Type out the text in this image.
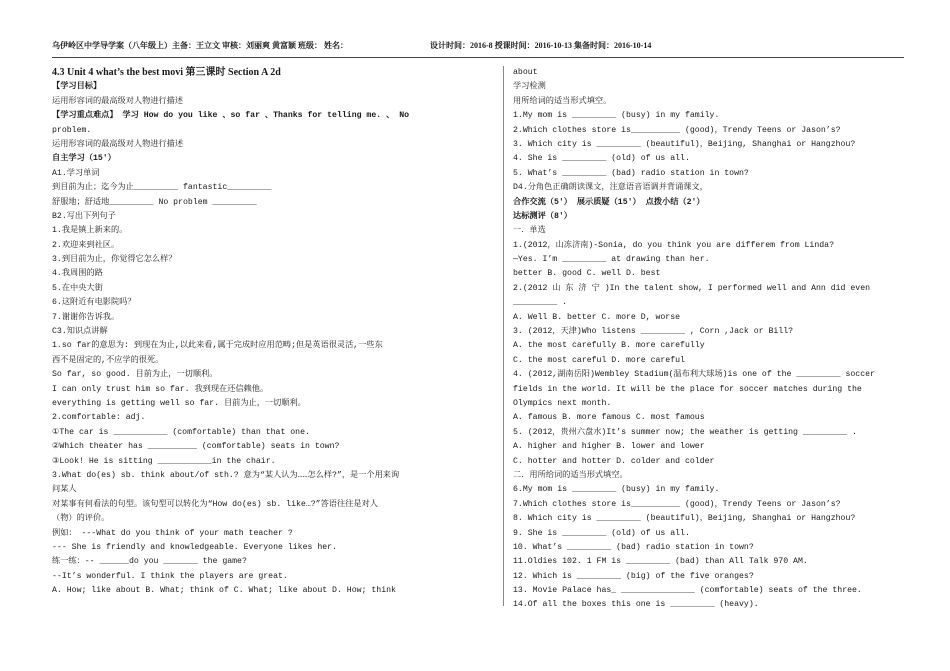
乌伊岭区中学导学案（八年级上）主备：王立文 审核：刘丽爽 黄富颖 班级： 姓名：	设计时间：2016-8 授课时间：2016-10-13 集备时间：2016-10-14
4.3 Unit 4 what’s the best movi 第三课时 Section A 2d
【学习目标】
运用形容词的最高级对人物进行描述
【学习重点难点】 学习 How do you like 、so far 、Thanks for telling me. 、 No
problem.
运用形容词的最高级对人物进行描述
自主学习（15′）
A1.学习单词
到目前为止；迄今为止_________ fantastic_________
舒服地；舒适地_________ No problem _________
B2.写出下列句子
1.我是镇上新来的。
2.欢迎来到社区。
3.到目前为止，你觉得它怎么样？
4.我周围的路
5.在中央大街
6.这附近有电影院吗？
7.谢谢你告诉我。
C3.知识点讲解
1.so far的意思为: 到现在为止,以此来看,属于完成时应用范畴;但是英语很灵活,一些东
西不是固定的,不应学的很死。
So far, so good. 目前为止，一切顺利。
I can only trust him so far. 我到现在还信赖他。
everything is getting well so far. 目前为止，一切顺利。
2.comfortable: adj.
①The car is ___________ (comfortable) than that one.
②Which theater has __________ (comfortable) seats in town?
③Look! He is sitting ___________in the chair.
3.What do(es) sb. think about/of sth.? 意为“某人认为……怎么样?”，是一个用来询
问某人
对某事有何看法的句型。该句型可以转化为“How do(es) sb. like…?”答语往往是对人
（物）的评价。
例如： ---What do you think of your math teacher ?
--- She is friendly and knowledgeable. Everyone likes her.
练一练：-- ______do you _______ the game?
--It’s wonderful. I think the players are great.
A. How; like about B. What; think of C. What; like about D. How; think
about
学习检测
用所给词的适当形式填空。
1.My mom is _________ (busy) in my family.
2.Which clothes store is__________ (good)，Trendy Teens or Jason’s?
3. Which city is _________ (beautiful)，Beijing, Shanghai or Hangzhou?
4. She is _________ (old) of us all.
5. What’s _________ (bad) radio station in town?
D4.分角色正确朗读课文，注意语音语调并背诵课文，
合作交流（5′） 展示质疑（15′） 点拨小结（2′）
达标测评（8′）
一．单选
1.(2012，山冻济南)-Sonia, do you think you are differem from Linda?
—Yes. I’m _________ at drawing than her.
better B. good C. well D. best
2.(2012 山 东 济 宁 )In the talent show, I performed well and Ann did even
_________ .
A. Well B. better C. more D, worse
3. (2012，天津)Who listens _________ , Corn ,Jack or Bill?
A. the most carefully B. more carefully
C. the most careful D. more careful
4. (2012,湖南岳阳)Wembley Stadium(温布利大球场)is one of the _________ soccer
fields in the world. It will be the place for soccer matches during the
Olympics next month.
A. famous B. more famous C. most famous
5. (2012，贵州六盘水)It’s summer now; the weather is getting _________ .
A. higher and higher B. lower and lower
C. hotter and hotter D. colder and colder
二．用所给词的适当形式填空。
6.My mom is _________ (busy) in my family.
7.Which clothes store is__________ (good)，Trendy Teens or Jason’s?
8. Which city is _________ (beautiful)，Beijing, Shanghai or Hangzhou?
9. She is _________ (old) of us all.
10. What’s _________ (bad) radio station in town?
11.Oldies 102. 1 FM is _________ (bad) than All Talk 970 AM.
12. Which is _________ (big) of the five oranges?
13. Movie Palace has_ _______________ (comfortable) seats of the three.
14.Of all the boxes this one is _________ (heavy).
